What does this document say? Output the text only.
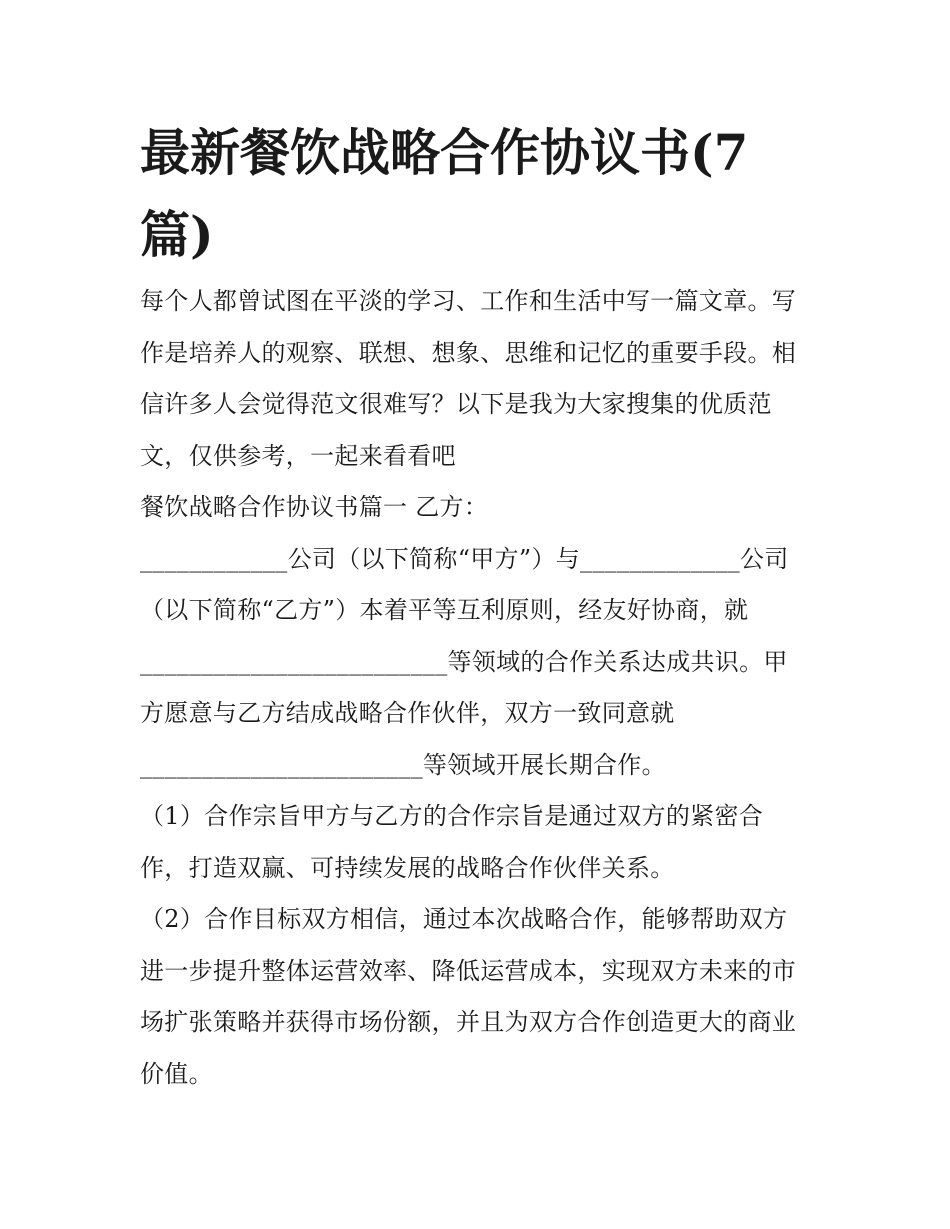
最新餐饮战略合作协议书(7
篇)
每个人都曾试图在平淡的学习、工作和生活中写一篇文章。写
作是培养人的观察、联想、想象、思维和记忆的重要手段。相
信许多人会觉得范文很难写？以下是我为大家搜集的优质范
文，仅供参考，一起来看看吧
餐饮战略合作协议书篇一 乙方：
____________公司（以下简称“甲方”）与_____________公司
（以下简称“乙方”）本着平等互利原则，经友好协商，就
_________________________等领域的合作关系达成共识。甲
方愿意与乙方结成战略合作伙伴，双方一致同意就
_______________________等领域开展长期合作。
（1）合作宗旨甲方与乙方的合作宗旨是通过双方的紧密合
作，打造双赢、可持续发展的战略合作伙伴关系。
（2）合作目标双方相信，通过本次战略合作，能够帮助双方
进一步提升整体运营效率、降低运营成本，实现双方未来的市
场扩张策略并获得市场份额，并且为双方合作创造更大的商业
价值。
